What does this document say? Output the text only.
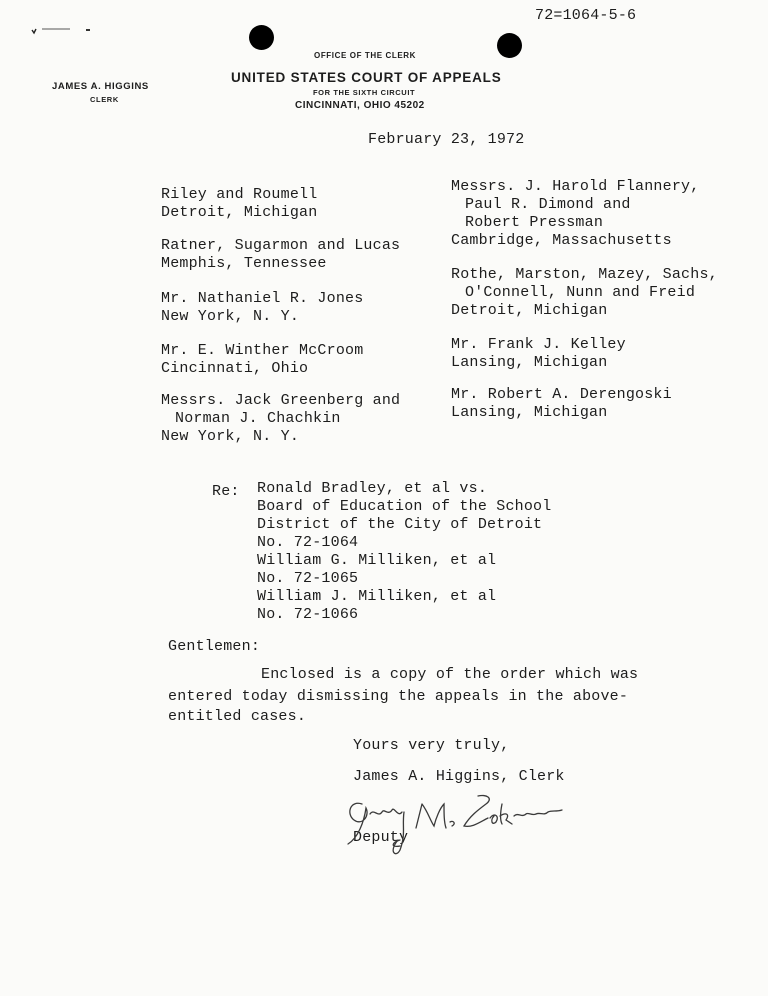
72=1064-5-6
OFFICE OF THE CLERK
UNITED STATES COURT OF APPEALS
FOR THE SIXTH CIRCUIT
CINCINNATI, OHIO 45202
JAMES A. HIGGINS
CLERK
February 23, 1972
Riley and Roumell
Detroit, Michigan
Ratner, Sugarmon and Lucas
Memphis, Tennessee
Mr. Nathaniel R. Jones
New York, N. Y.
Mr. E. Winther McCroom
Cincinnati, Ohio
Messrs. Jack Greenberg and
Norman J. Chachkin
New York, N. Y.
Messrs. J. Harold Flannery,
Paul R. Dimond and
Robert Pressman
Cambridge, Massachusetts
Rothe, Marston, Mazey, Sachs,
O'Connell, Nunn and Freid
Detroit, Michigan
Mr. Frank J. Kelley
Lansing, Michigan
Mr. Robert A. Derengoski
Lansing, Michigan
Re: Ronald Bradley, et al vs.
Board of Education of the School
District of the City of Detroit
No. 72-1064
William G. Milliken, et al
No. 72-1065
William J. Milliken, et al
No. 72-1066
Gentlemen:
Enclosed is a copy of the order which was
entered today dismissing the appeals in the above-
entitled cases.
Yours very truly,
James A. Higgins, Clerk
Deputy
